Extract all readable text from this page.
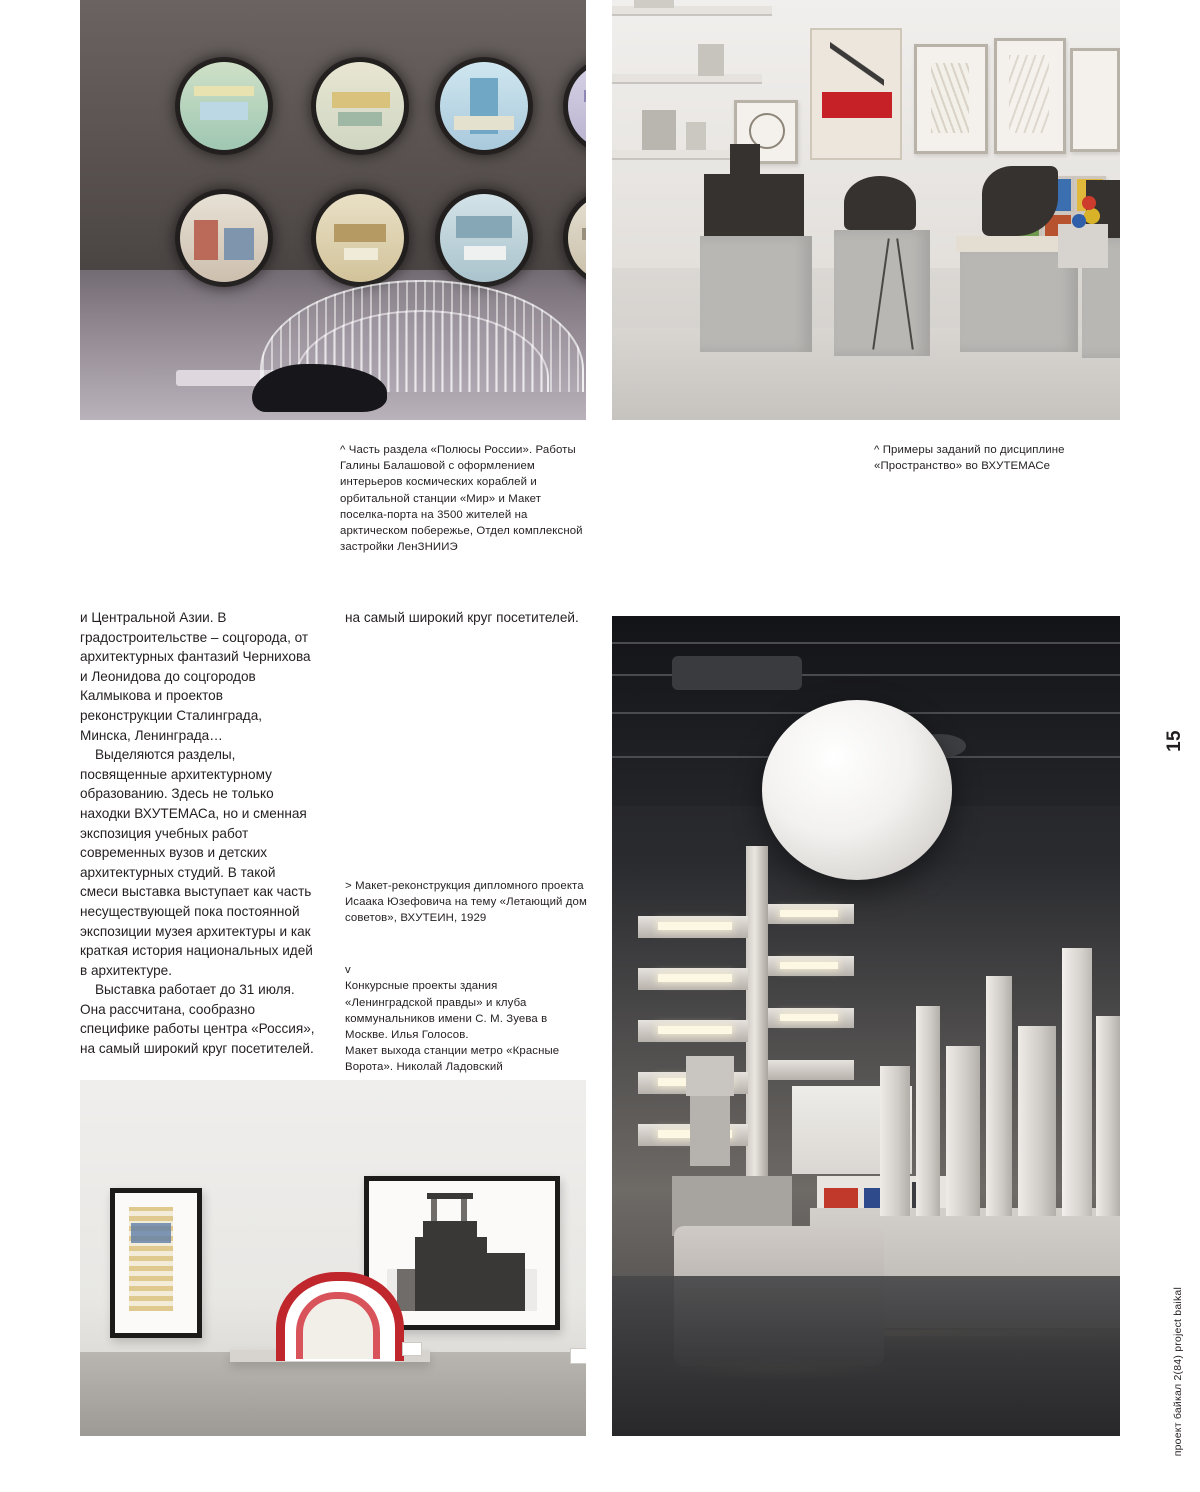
^ Часть раздела «Полюсы России». Работы Галины Балашовой с оформлением интерьеров космических кораблей и орбитальной станции «Мир» и Макет поселка-порта на 3500 жителей на арктическом побережье, Отдел комплексной застройки ЛенЗНИИЭ
^ Примеры заданий по дисциплине «Пространство» во ВХУТЕМАСе

и Центральной Азии. В градостроительстве – соцгорода, от архитектурных фантазий Чернихова и Леонидова до соцгородов Калмыкова и проектов реконструкции Сталинграда, Минска, Ленинграда…

Выделяются разделы, посвященные архитектурному образованию. Здесь не только находки ВХУТЕМАСа, но и сменная экспозиция учебных работ современных вузов и детских архитектурных студий. В такой смеси выставка выступает как часть несуществующей пока постоянной экспозиции музея архитектуры и как краткая история национальных идей в архитектуре.

Выставка работает до 31 июля. Она рассчитана, сообразно специфике работы центра «Россия», на самый широкий круг посетителей.

на самый широкий круг посетителей.

> Макет-реконструкция дипломного проекта Исаака Юзефовича на тему «Летающий дом советов», ВХУТЕИН, 1929

v
Конкурсные проекты здания «Ленинградской правды» и клуба коммунальников имени С. М. Зуева в Москве. Илья Голосов.
Макет выхода станции метро «Красные Ворота». Николай Ладовский

15
проект байкал 2(84) project baikal
